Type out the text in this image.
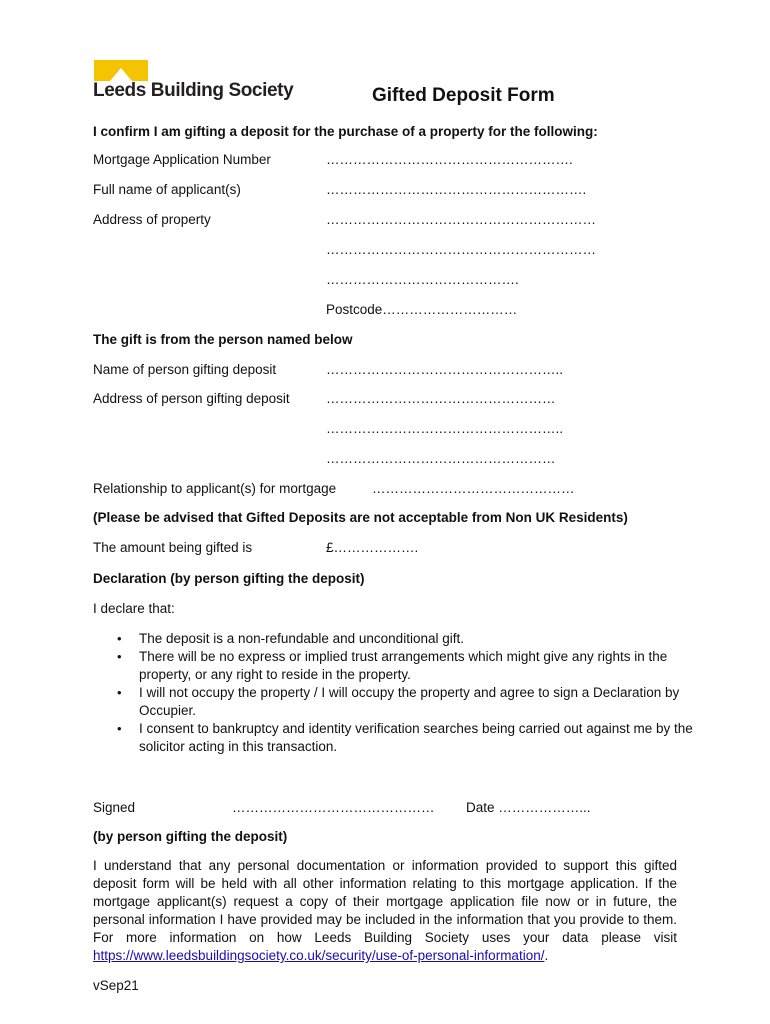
Leeds Building Society	Gifted Deposit Form
I confirm I am gifting a deposit for the purchase of a property for the following:
Mortgage Application Number	……………………………………………….
Full name of applicant(s)	………………………………………………….
Address of property	……………………………………………………
……………………………………………………
…………………………………….
Postcode…………………………
The gift is from the person named below
Name of person gifting deposit	……………………………………………..
Address of person gifting deposit	……………………………………………
……………………………………………..
……………………………………………
Relationship to applicant(s) for mortgage	………………………………………
(Please be advised that Gifted Deposits are not acceptable from Non UK Residents)
The amount being gifted is	£……………….
Declaration (by person gifting the deposit)
I declare that:
• The deposit is a non-refundable and unconditional gift.
• There will be no express or implied trust arrangements which might give any rights in the property, or any right to reside in the property.
• I will not occupy the property / I will occupy the property and agree to sign a Declaration by Occupier.
• I consent to bankruptcy and identity verification searches being carried out against me by the solicitor acting in this transaction.
Signed	……………………………………… Date ………………...
(by person gifting the deposit)

I understand that any personal documentation or information provided to support this gifted deposit form will be held with all other information relating to this mortgage application. If the mortgage applicant(s) request a copy of their mortgage application file now or in future, the personal information I have provided may be included in the information that you provide to them. For more information on how Leeds Building Society uses your data please visit https://www.leedsbuildingsociety.co.uk/security/use-of-personal-information/.

vSep21
